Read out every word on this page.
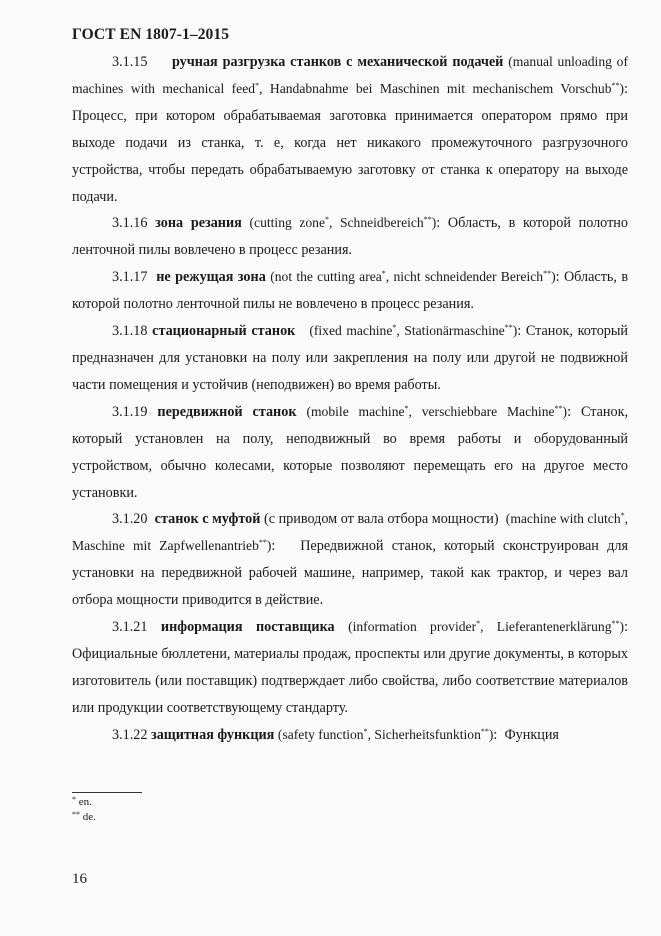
ГОСТ EN 1807-1–2015

3.1.15 ручная разгрузка станков с механической подачей (manual unloading of machines with mechanical feed*, Handabnahme bei Maschinen mit mechanischem Vorschub**): Процесс, при котором обрабатываемая заготовка принимается оператором прямо при выходе подачи из станка, т. е, когда нет никакого промежуточного разгрузочного устройства, чтобы передать обрабатываемую заготовку от станка к оператору на выходе подачи.

3.1.16 зона резания (cutting zone*, Schneidbereich**): Область, в которой полотно ленточной пилы вовлечено в процесс резания.

3.1.17 не режущая зона (not the cutting area*, nicht schneidender Bereich**): Область, в которой полотно ленточной пилы не вовлечено в процесс резания.

3.1.18 стационарный станок (fixed machine*, Stationärmaschine**): Станок, который предназначен для установки на полу или закрепления на полу или другой не подвижной части помещения и устойчив (неподвижен) во время работы.

3.1.19 передвижной станок (mobile machine*, verschiebbare Machine**): Станок, который установлен на полу, неподвижный во время работы и оборудованный устройством, обычно колесами, которые позволяют перемещать его на другое место установки.

3.1.20 станок с муфтой (с приводом от вала отбора мощности) (machine with clutch*, Maschine mit Zapfwellenantrieb**):   Передвижной станок, который сконструирован для установки на передвижной рабочей машине, например, такой как трактор, и через вал отбора мощности приводится в действие.

3.1.21 информация поставщика (information provider*, Lieferantenerklärung**): Официальные бюллетени, материалы продаж, проспекты или другие документы, в которых изготовитель (или поставщик) подтверждает либо свойства, либо соответствие материалов или продукции соответствующему стандарту.

3.1.22 защитная функция (safety function*, Sicherheitsfunktion**):  Функция

* en.
** de.
16
